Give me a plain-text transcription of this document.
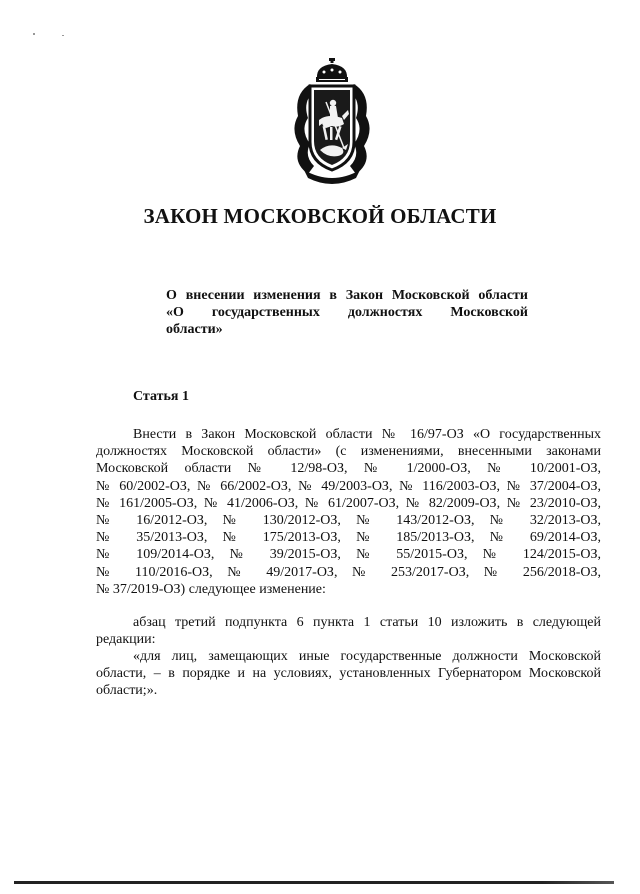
ЗАКОН МОСКОВСКОЙ ОБЛАСТИ
О внесении изменения в Закон Московской области
«О государственных должностях Московской
области»
Статья 1
Внести в Закон Московской области № 16/97-ОЗ «О государственных
должностях Московской области» (с изменениями, внесенными законами
Московской области № 12/98-ОЗ, № 1/2000-ОЗ, № 10/2001-ОЗ,
№ 60/2002-ОЗ, № 66/2002-ОЗ, № 49/2003-ОЗ, № 116/2003-ОЗ, № 37/2004-ОЗ,
№ 161/2005-ОЗ, № 41/2006-ОЗ, № 61/2007-ОЗ, № 82/2009-ОЗ, № 23/2010-ОЗ,
№ 16/2012-ОЗ, № 130/2012-ОЗ, № 143/2012-ОЗ, № 32/2013-ОЗ,
№ 35/2013-ОЗ, № 175/2013-ОЗ, № 185/2013-ОЗ, № 69/2014-ОЗ,
№ 109/2014-ОЗ, № 39/2015-ОЗ, № 55/2015-ОЗ, № 124/2015-ОЗ,
№ 110/2016-ОЗ, № 49/2017-ОЗ, № 253/2017-ОЗ, № 256/2018-ОЗ,
№ 37/2019-ОЗ) следующее изменение:
абзац третий подпункта 6 пункта 1 статьи 10 изложить в следующей
редакции:
«для лиц, замещающих иные государственные должности Московской
области, – в порядке и на условиях, установленных Губернатором Московской
области;».
